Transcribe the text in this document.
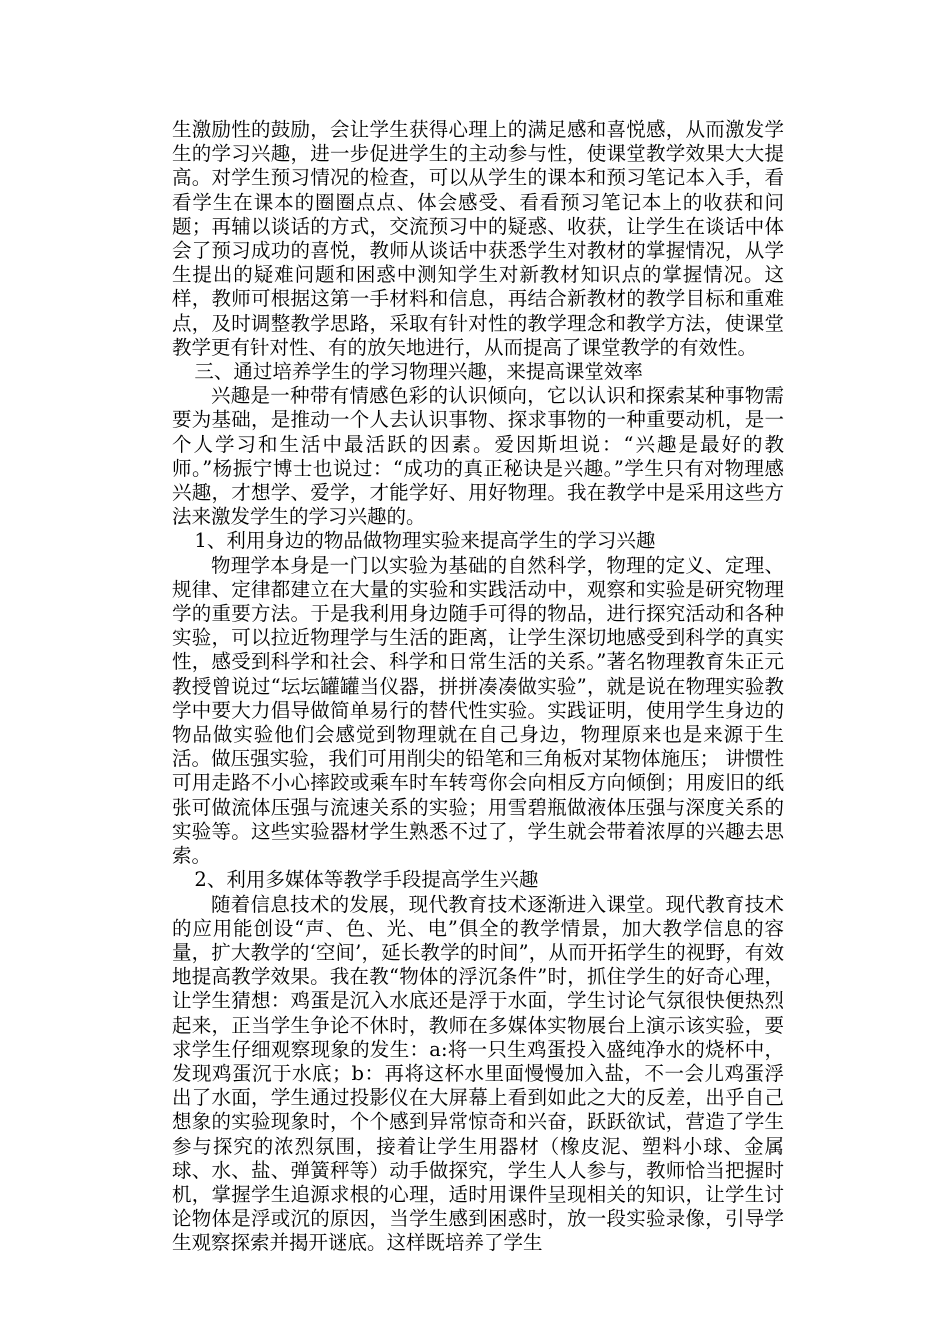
生激励性的鼓励，会让学生获得心理上的满足感和喜悦感，从而激发学生的学习兴趣，进一步促进学生的主动参与性，使课堂教学效果大大提高。对学生预习情况的检查，可以从学生的课本和预习笔记本入手，看看学生在课本的圈圈点点、体会感受、看看预习笔记本上的收获和问题；再辅以谈话的方式，交流预习中的疑惑、收获，让学生在谈话中体会了预习成功的喜悦，教师从谈话中获悉学生对教材的掌握情况，从学生提出的疑难问题和困惑中测知学生对新教材知识点的掌握情况。这样，教师可根据这第一手材料和信息，再结合新教材的教学目标和重难点，及时调整教学思路，采取有针对性的教学理念和教学方法，使课堂教学更有针对性、有的放矢地进行，从而提高了课堂教学的有效性。

三、通过培养学生的学习物理兴趣，来提高课堂效率

兴趣是一种带有情感色彩的认识倾向，它以认识和探索某种事物需要为基础，是推动一个人去认识事物、探求事物的一种重要动机，是一个人学习和生活中最活跃的因素。爱因斯坦说：“兴趣是最好的教师。”杨振宁博士也说过：“成功的真正秘诀是兴趣。”学生只有对物理感兴趣，才想学、爱学，才能学好、用好物理。我在教学中是采用这些方法来激发学生的学习兴趣的。

1、利用身边的物品做物理实验来提高学生的学习兴趣

物理学本身是一门以实验为基础的自然科学，物理的定义、定理、规律、定律都建立在大量的实验和实践活动中，观察和实验是研究物理学的重要方法。于是我利用身边随手可得的物品，进行探究活动和各种实验，可以拉近物理学与生活的距离，让学生深切地感受到科学的真实性，感受到科学和社会、科学和日常生活的关系。”著名物理教育朱正元教授曾说过“坛坛罐罐当仪器，拼拼凑凑做实验”，就是说在物理实验教学中要大力倡导做简单易行的替代性实验。实践证明，使用学生身边的物品做实验他们会感觉到物理就在自己身边，物理原来也是来源于生活。做压强实验，我们可用削尖的铅笔和三角板对某物体施压； 讲惯性可用走路不小心摔跤或乘车时车转弯你会向相反方向倾倒；用废旧的纸张可做流体压强与流速关系的实验；用雪碧瓶做液体压强与深度关系的实验等。这些实验器材学生熟悉不过了，学生就会带着浓厚的兴趣去思索。

2、利用多媒体等教学手段提高学生兴趣

随着信息技术的发展，现代教育技术逐渐进入课堂。现代教育技术的应用能创设“声、色、光、电”俱全的教学情景，加大教学信息的容量，扩大教学的‘空间’，延长教学的时间”，从而开拓学生的视野，有效地提高教学效果。我在教“物体的浮沉条件”时，抓住学生的好奇心理，让学生猜想：鸡蛋是沉入水底还是浮于水面，学生讨论气氛很快便热烈起来，正当学生争论不休时，教师在多媒体实物展台上演示该实验，要求学生仔细观察现象的发生：a:将一只生鸡蛋投入盛纯净水的烧杯中，发现鸡蛋沉于水底；b：再将这杯水里面慢慢加入盐，不一会儿鸡蛋浮出了水面，学生通过投影仪在大屏幕上看到如此之大的反差，出乎自己想象的实验现象时，个个感到异常惊奇和兴奋，跃跃欲试，营造了学生参与探究的浓烈氛围，接着让学生用器材（橡皮泥、塑料小球、金属球、水、盐、弹簧秤等）动手做探究，学生人人参与，教师恰当把握时机，掌握学生追源求根的心理，适时用课件呈现相关的知识，让学生讨论物体是浮或沉的原因，当学生感到困惑时，放一段实验录像，引导学生观察探索并揭开谜底。这样既培养了学生
